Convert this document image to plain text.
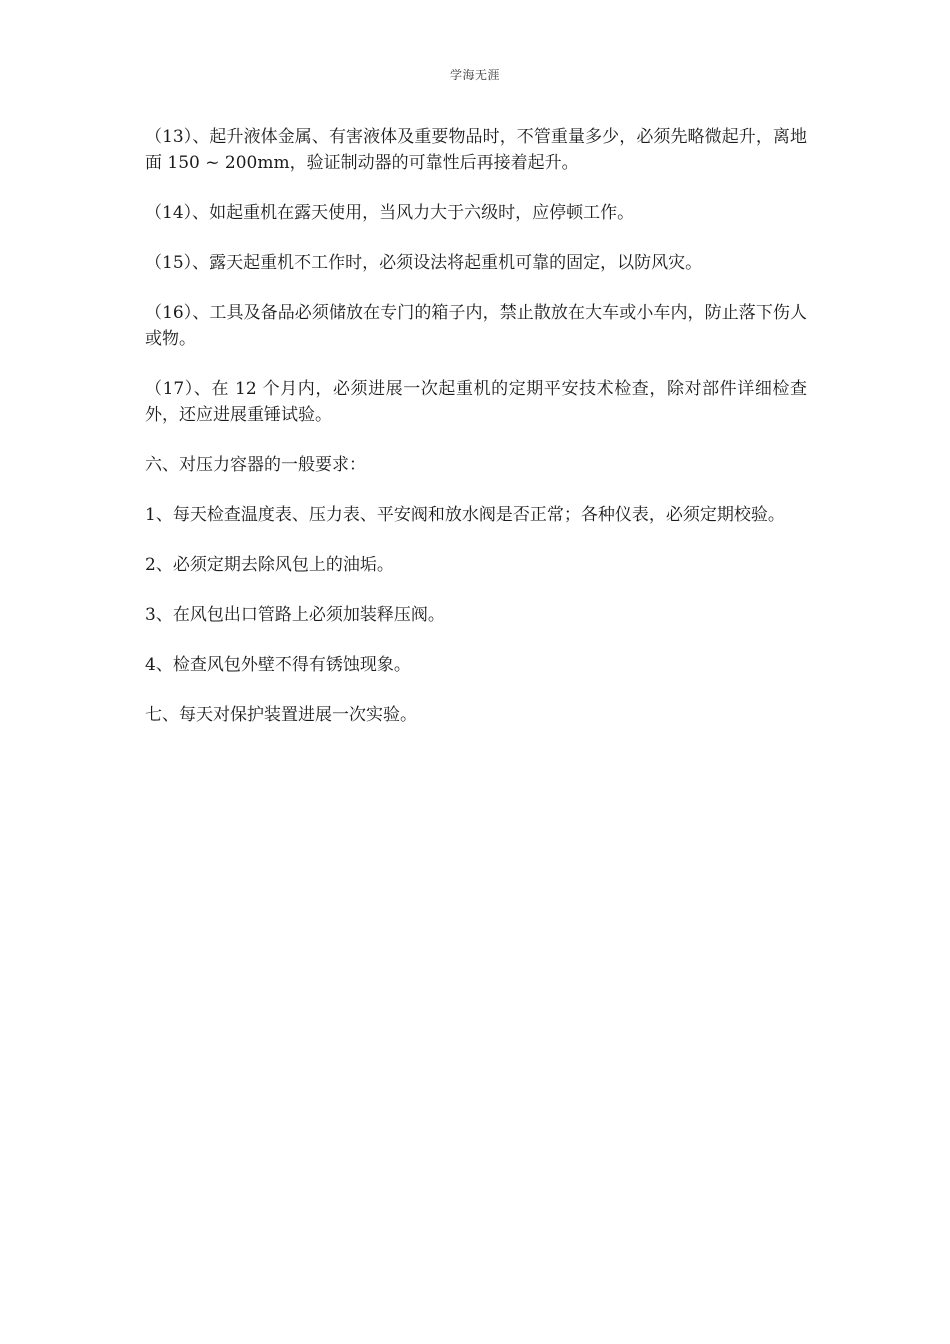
学海无涯

（13）、起升液体金属、有害液体及重要物品时，不管重量多少，必须先略微起升，离地面 150 ~ 200mm，验证制动器的可靠性后再接着起升。

（14）、如起重机在露天使用，当风力大于六级时，应停顿工作。

（15）、露天起重机不工作时，必须设法将起重机可靠的固定，以防风灾。

（16）、工具及备品必须储放在专门的箱子内，禁止散放在大车或小车内，防止落下伤人或物。

（17）、在 12 个月内，必须进展一次起重机的定期平安技术检查，除对部件详细检查外，还应进展重锤试验。

六、对压力容器的一般要求：

1、每天检查温度表、压力表、平安阀和放水阀是否正常；各种仪表，必须定期校验。

2、必须定期去除风包上的油垢。

3、在风包出口管路上必须加装释压阀。

4、检查风包外壁不得有锈蚀现象。

七、每天对保护装置进展一次实验。
